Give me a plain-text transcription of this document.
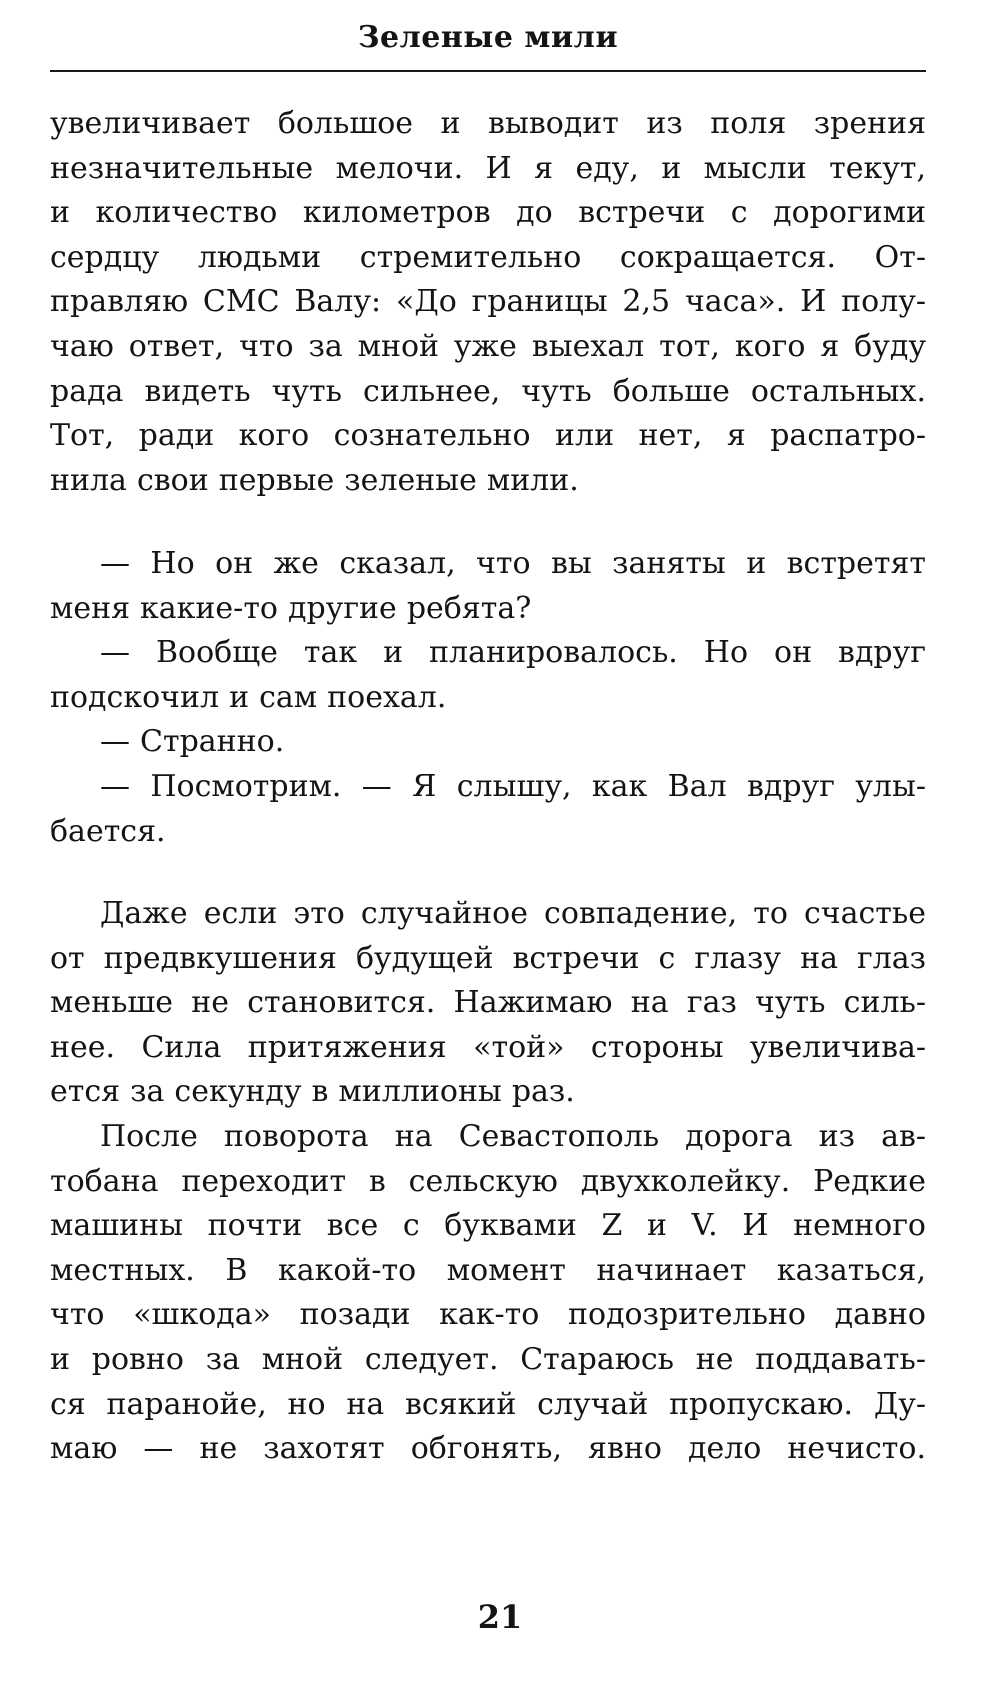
Зеленые мили
увеличивает большое и выводит из поля зрения
незначительные мелочи. И я еду, и мысли текут,
и количество километров до встречи с дорогими
сердцу людьми стремительно сокращается. От-
правляю СМС Валу: «До границы 2,5 часа». И полу-
чаю ответ, что за мной уже выехал тот, кого я буду
рада видеть чуть сильнее, чуть больше остальных.
Тот, ради кого сознательно или нет, я распатро-
нила свои первые зеленые мили.
— Но он же сказал, что вы заняты и встретят
меня какие-то другие ребята?
— Вообще так и планировалось. Но он вдруг
подскочил и сам поехал.
— Странно.
— Посмотрим. — Я слышу, как Вал вдруг улы-
бается.
Даже если это случайное совпадение, то счастье
от предвкушения будущей встречи с глазу на глаз
меньше не становится. Нажимаю на газ чуть силь-
нее. Сила притяжения «той» стороны увеличива-
ется за секунду в миллионы раз.
После поворота на Севастополь дорога из ав-
тобана переходит в сельскую двухколейку. Редкие
машины почти все с буквами Z и V. И немного
местных. В какой-то момент начинает казаться,
что «шкода» позади как-то подозрительно давно
и ровно за мной следует. Стараюсь не поддавать-
ся паранойе, но на всякий случай пропускаю. Ду-
маю — не захотят обгонять, явно дело нечисто.
21
